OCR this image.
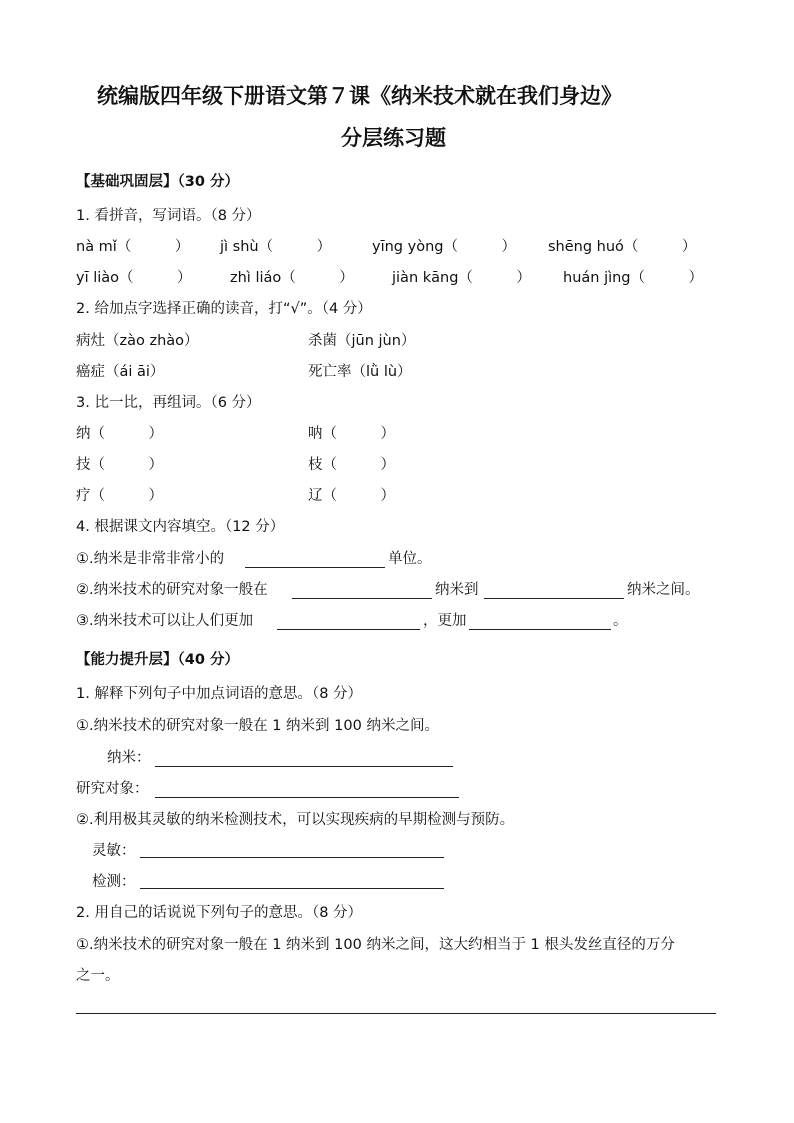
统编版四年级下册语文第７课《纳米技术就在我们身边》
分层练习题
【基础巩固层】（30 分）
1. 看拼音，写词语。（8 分）
nà mǐ（　　　） jì shù（　　　）	yīng yòng（　　　） shēng huó（　　　）
yī liào（　　　）	zhì liáo（　　　）	jiàn kāng（　　　） huán jìng（　　　）
2. 给加点字选择正确的读音，打“√”。（4 分）
病灶（zào zhào）	杀菌（jūn jùn）
癌症（ái āi）	死亡率（lǜ lù）
3. 比一比，再组词。（6 分）
纳（　　　）	呐（　　　）
技（　　　）	枝（　　　）
疗（　　　）	辽（　　　）
4. 根据课文内容填空。（12 分）
①.纳米是非常非常小的	单位。
②.纳米技术的研究对象一般在	纳米到	纳米之间。
③.纳米技术可以让人们更加	，更加	。
【能力提升层】（40 分）
1. 解释下列句子中加点词语的意思。（8 分）
①.纳米技术的研究对象一般在 1 纳米到 100 纳米之间。
纳米：
研究对象：
②.利用极其灵敏的纳米检测技术，可以实现疾病的早期检测与预防。
灵敏：
检测：
2. 用自己的话说说下列句子的意思。（8 分）
①.纳米技术的研究对象一般在 1 纳米到 100 纳米之间，这大约相当于 1 根头发丝直径的万分
之一。
